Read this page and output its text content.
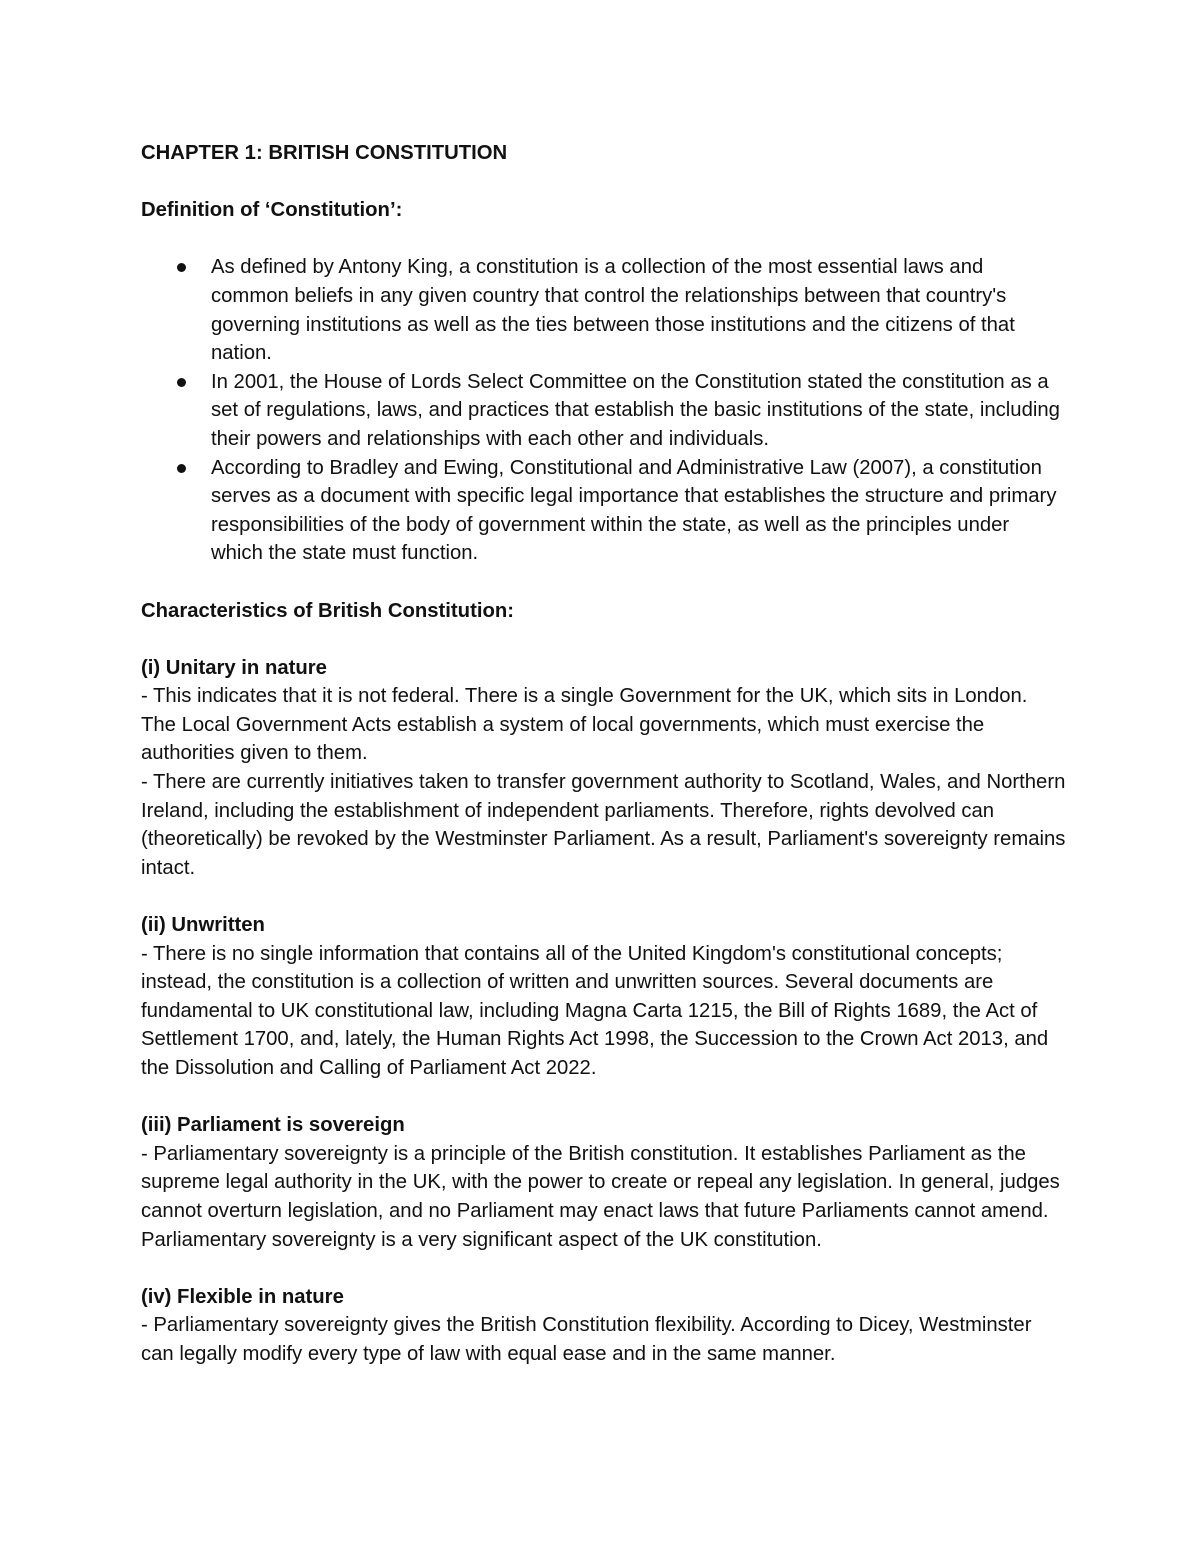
CHAPTER 1: BRITISH CONSTITUTION

Definition of ‘Constitution’:

As defined by Antony King, a constitution is a collection of the most essential laws and common beliefs in any given country that control the relationships between that country's governing institutions as well as the ties between those institutions and the citizens of that nation.
In 2001, the House of Lords Select Committee on the Constitution stated the constitution as a set of regulations, laws, and practices that establish the basic institutions of the state, including their powers and relationships with each other and individuals.
According to Bradley and Ewing, Constitutional and Administrative Law (2007), a constitution serves as a document with specific legal importance that establishes the structure and primary responsibilities of the body of government within the state, as well as the principles under which the state must function.

Characteristics of British Constitution:

(i) Unitary in nature

- This indicates that it is not federal. There is a single Government for the UK, which sits in London. The Local Government Acts establish a system of local governments, which must exercise the authorities given to them.

- There are currently initiatives taken to transfer government authority to Scotland, Wales, and Northern Ireland, including the establishment of independent parliaments. Therefore, rights devolved can (theoretically) be revoked by the Westminster Parliament. As a result, Parliament's sovereignty remains intact.

(ii) Unwritten

- There is no single information that contains all of the United Kingdom's constitutional concepts; instead, the constitution is a collection of written and unwritten sources. Several documents are fundamental to UK constitutional law, including Magna Carta 1215, the Bill of Rights 1689, the Act of Settlement 1700, and, lately, the Human Rights Act 1998, the Succession to the Crown Act 2013, and the Dissolution and Calling of Parliament Act 2022.

(iii) Parliament is sovereign

- Parliamentary sovereignty is a principle of the British constitution. It establishes Parliament as the supreme legal authority in the UK, with the power to create or repeal any legislation. In general, judges cannot overturn legislation, and no Parliament may enact laws that future Parliaments cannot amend. Parliamentary sovereignty is a very significant aspect of the UK constitution.

(iv) Flexible in nature

- Parliamentary sovereignty gives the British Constitution flexibility. According to Dicey, Westminster can legally modify every type of law with equal ease and in the same manner.
